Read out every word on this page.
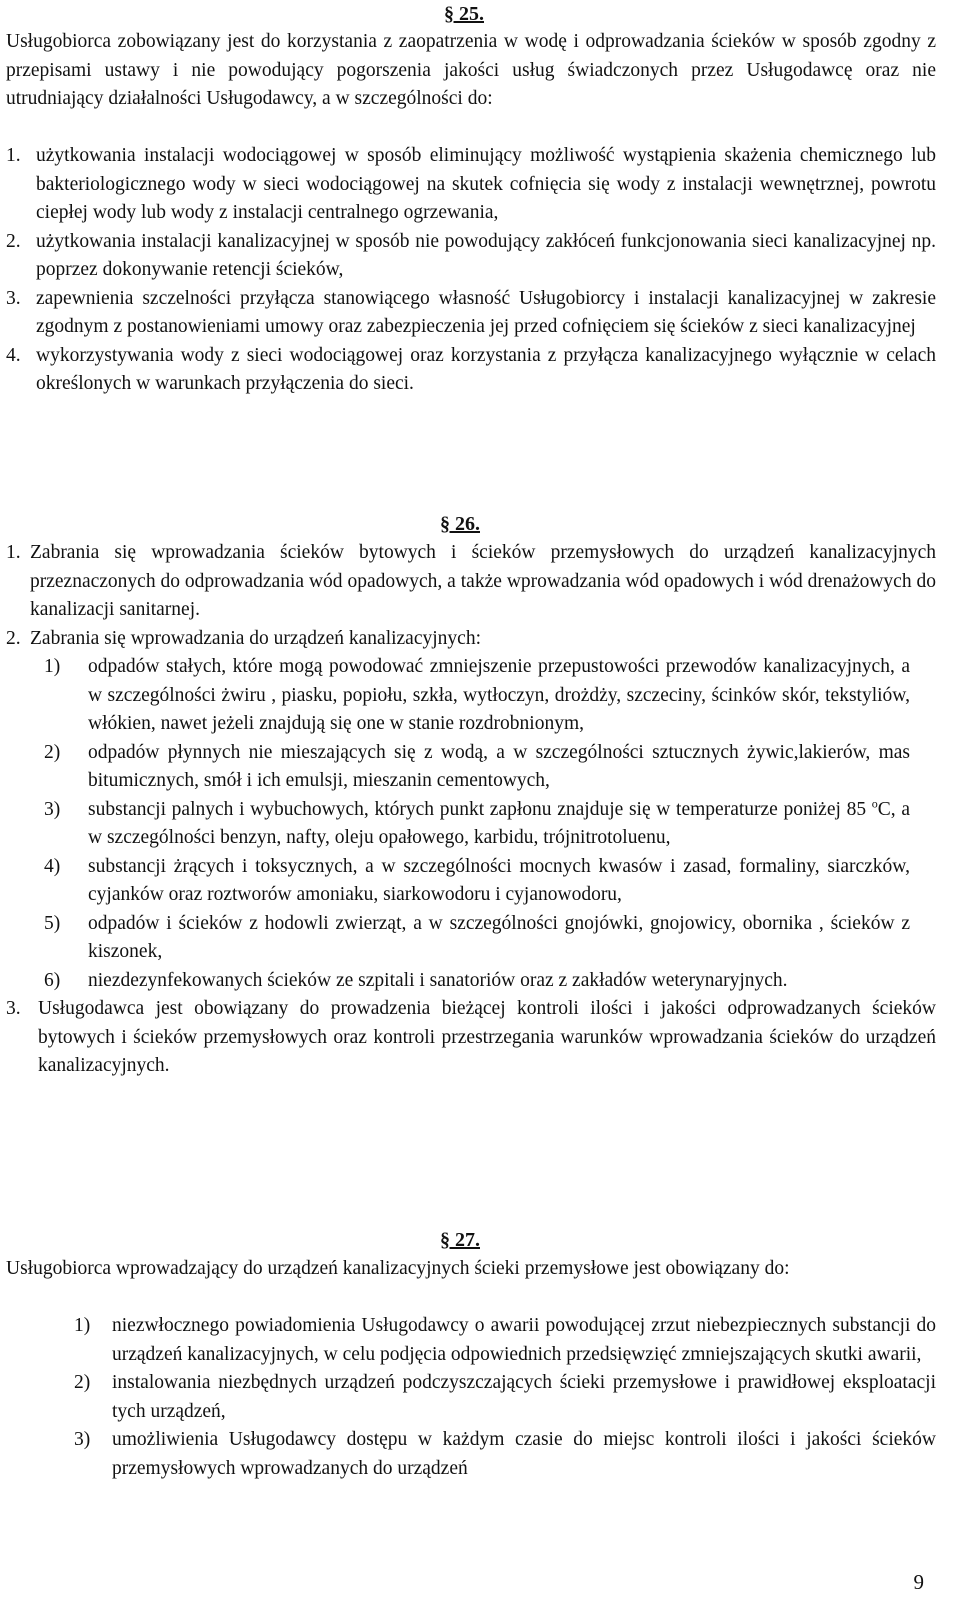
§ 25.
Usługobiorca zobowiązany jest do korzystania z zaopatrzenia w wodę i odprowadzania ścieków w sposób zgodny z przepisami ustawy i nie powodujący pogorszenia jakości usług świadczonych przez Usługodawcę oraz nie utrudniający działalności Usługodawcy, a w szczególności do:
1. użytkowania instalacji wodociągowej w sposób eliminujący możliwość wystąpienia skażenia chemicznego lub bakteriologicznego wody w sieci wodociągowej na skutek cofnięcia się wody z instalacji wewnętrznej, powrotu ciepłej wody lub wody z instalacji centralnego ogrzewania,
2. użytkowania instalacji kanalizacyjnej w sposób nie powodujący zakłóceń funkcjonowania sieci kanalizacyjnej np. poprzez dokonywanie retencji ścieków,
3. zapewnienia szczelności przyłącza stanowiącego własność Usługobiorcy i instalacji kanalizacyjnej w zakresie zgodnym z postanowieniami umowy oraz zabezpieczenia jej przed cofnięciem się ścieków z sieci kanalizacyjnej
4. wykorzystywania wody z sieci wodociągowej oraz korzystania z przyłącza kanalizacyjnego wyłącznie w celach określonych w warunkach przyłączenia do sieci.
§ 26.
1. Zabrania się wprowadzania ścieków bytowych i ścieków przemysłowych do urządzeń kanalizacyjnych przeznaczonych do odprowadzania wód opadowych, a także wprowadzania wód opadowych i wód drenażowych do kanalizacji sanitarnej.
2. Zabrania się wprowadzania do urządzeń kanalizacyjnych:
1) odpadów stałych, które mogą powodować zmniejszenie przepustowości przewodów kanalizacyjnych, a w szczególności żwiru , piasku, popiołu, szkła, wytłoczyn, drożdży, szczeciny, ścinków skór, tekstyliów, włókien, nawet jeżeli znajdują się one w stanie rozdrobnionym,
2) odpadów płynnych nie mieszających się z wodą, a w szczególności sztucznych żywic,lakierów, mas bitumicznych, smół i ich emulsji, mieszanin cementowych,
3) substancji palnych i wybuchowych, których punkt zapłonu znajduje się w temperaturze poniżej 85 $^o$C, a w szczególności benzyn, nafty, oleju opałowego, karbidu, trójnitrotoluenu,
4) substancji żrących i toksycznych, a w szczególności mocnych kwasów i zasad, formaliny, siarczków, cyjanków oraz roztworów amoniaku, siarkowodoru i cyjanowodoru,
5) odpadów i ścieków z hodowli zwierząt, a w szczególności gnojówki, gnojowicy, obornika , ścieków z kiszonek,
6) niezdezynfekowanych ścieków ze szpitali i sanatoriów oraz z zakładów weterynaryjnych.
3. Usługodawca jest obowiązany do prowadzenia bieżącej kontroli ilości i jakości odprowadzanych ścieków bytowych i ścieków przemysłowych oraz kontroli przestrzegania warunków wprowadzania ścieków do urządzeń kanalizacyjnych.
§ 27.
Usługobiorca wprowadzający do urządzeń kanalizacyjnych ścieki przemysłowe jest obowiązany do:
1) niezwłocznego powiadomienia Usługodawcy o awarii powodującej zrzut niebezpiecznych substancji do urządzeń kanalizacyjnych, w celu podjęcia odpowiednich przedsięwzięć zmniejszających skutki awarii,
2) instalowania niezbędnych urządzeń podczyszczających ścieki przemysłowe i prawidłowej eksploatacji tych urządzeń,
3) umożliwienia Usługodawcy dostępu w każdym czasie do miejsc kontroli ilości i jakości ścieków przemysłowych wprowadzanych do urządzeń
9
